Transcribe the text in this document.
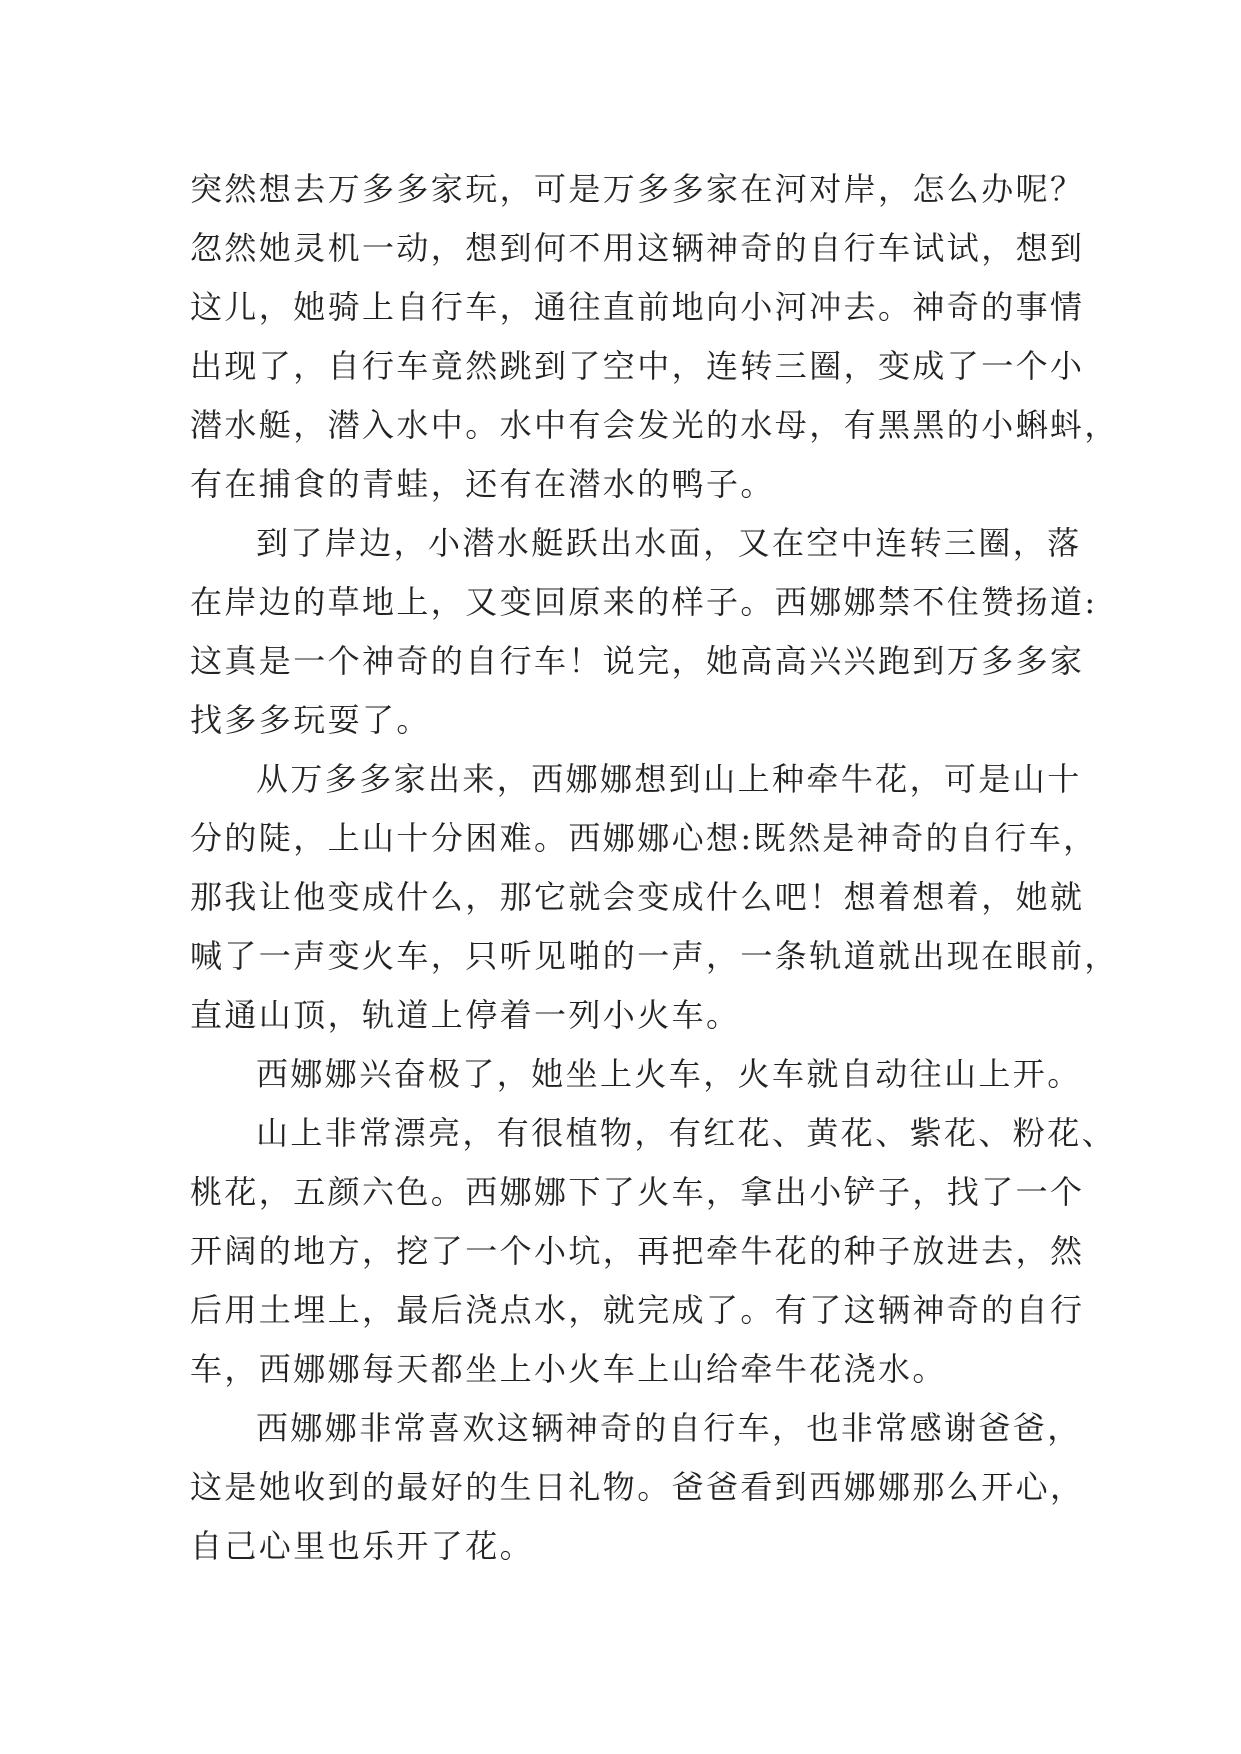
突然想去万多多家玩，可是万多多家在河对岸，怎么办呢？
忽然她灵机一动，想到何不用这辆神奇的自行车试试，想到
这儿，她骑上自行车，通往直前地向小河冲去。神奇的事情
出现了，自行车竟然跳到了空中，连转三圈，变成了一个小
潜水艇，潜入水中。水中有会发光的水母，有黑黑的小蝌蚪，
有在捕食的青蛙，还有在潜水的鸭子。
到了岸边，小潜水艇跃出水面，又在空中连转三圈，落
在岸边的草地上，又变回原来的样子。西娜娜禁不住赞扬道:
这真是一个神奇的自行车！说完，她高高兴兴跑到万多多家
找多多玩耍了。
从万多多家出来，西娜娜想到山上种牵牛花，可是山十
分的陡，上山十分困难。西娜娜心想:既然是神奇的自行车，
那我让他变成什么，那它就会变成什么吧！想着想着，她就
喊了一声变火车，只听见啪的一声，一条轨道就出现在眼前，
直通山顶，轨道上停着一列小火车。
西娜娜兴奋极了，她坐上火车，火车就自动往山上开。
山上非常漂亮，有很植物，有红花、黄花、紫花、粉花、
桃花，五颜六色。西娜娜下了火车，拿出小铲子，找了一个
开阔的地方，挖了一个小坑，再把牵牛花的种子放进去，然
后用土埋上，最后浇点水，就完成了。有了这辆神奇的自行
车，西娜娜每天都坐上小火车上山给牵牛花浇水。
西娜娜非常喜欢这辆神奇的自行车，也非常感谢爸爸，
这是她收到的最好的生日礼物。爸爸看到西娜娜那么开心，
自己心里也乐开了花。
